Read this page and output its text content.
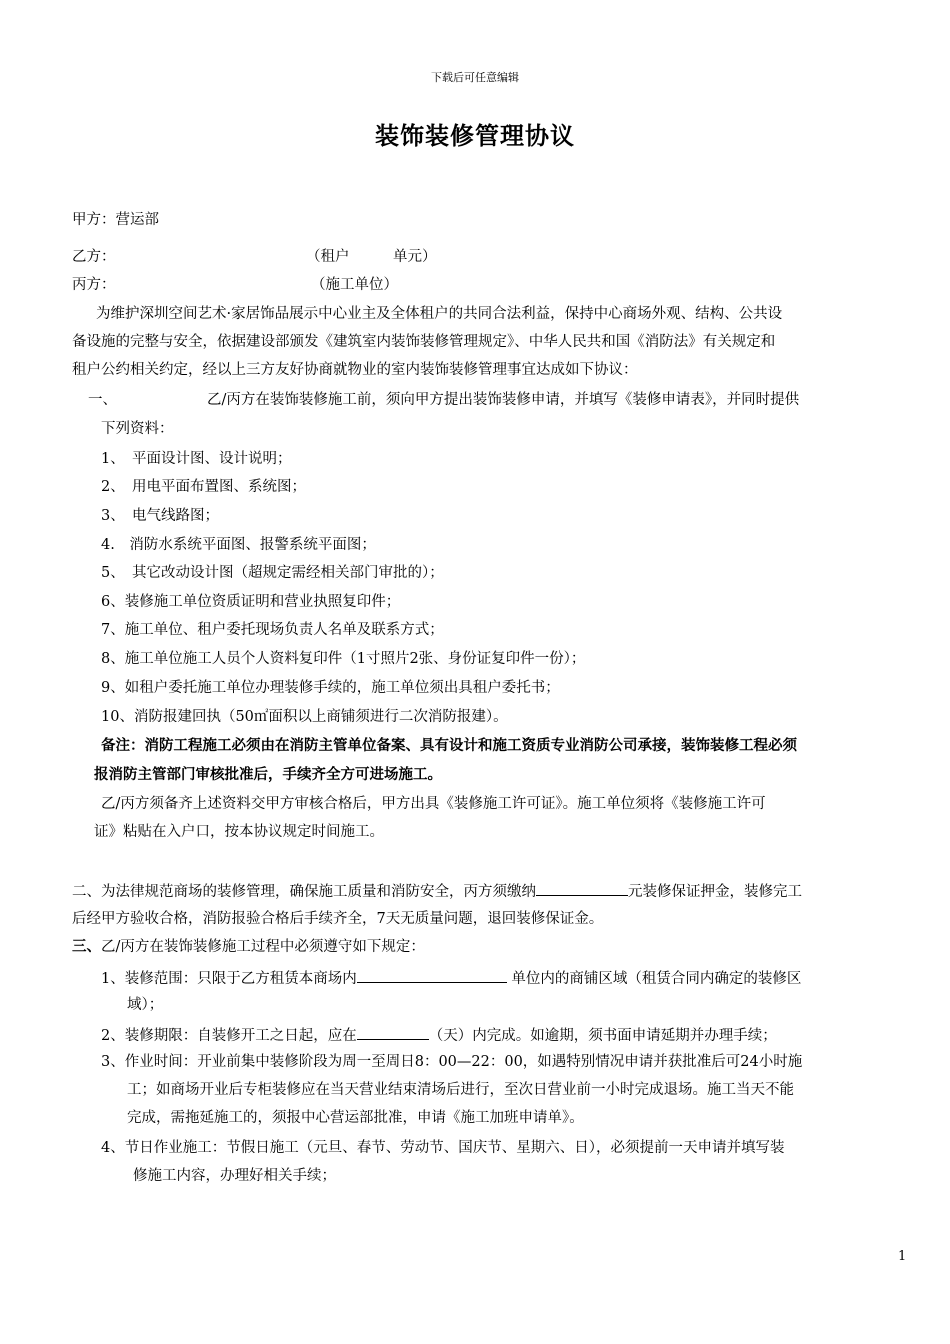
下载后可任意编辑
装饰装修管理协议
甲方：营运部
乙方：	（租户　　　单元）
丙方：	（施工单位）
为维护深圳空间艺术·家居饰品展示中心业主及全体租户的共同合法利益，保持中心商场外观、结构、公共设
备设施的完整与安全，依据建设部颁发《建筑室内装饰装修管理规定》、中华人民共和国《消防法》有关规定和
租户公约相关约定，经以上三方友好协商就物业的室内装饰装修管理事宜达成如下协议：
一、	乙/丙方在装饰装修施工前，须向甲方提出装饰装修申请，并填写《装修申请表》，并同时提供
下列资料：
1、　平面设计图、设计说明；
2、　用电平面布置图、系统图；
3、　电气线路图；
4.　消防水系统平面图、报警系统平面图；
5、　其它改动设计图（超规定需经相关部门审批的）；
6、装修施工单位资质证明和营业执照复印件；
7、施工单位、租户委托现场负责人名单及联系方式；
8、施工单位施工人员个人资料复印件（1寸照片2张、身份证复印件一份）；
9、如租户委托施工单位办理装修手续的，施工单位须出具租户委托书；
10、消防报建回执（50㎡面积以上商铺须进行二次消防报建）。
备注：消防工程施工必须由在消防主管单位备案、具有设计和施工资质专业消防公司承接，装饰装修工程必须
报消防主管部门审核批准后，手续齐全方可进场施工。
乙/丙方须备齐上述资料交甲方审核合格后，甲方出具《装修施工许可证》。施工单位须将《装修施工许可
证》粘贴在入户口，按本协议规定时间施工。
二、为法律规范商场的装修管理，确保施工质量和消防安全，丙方须缴纳	元装修保证押金，装修完工
后经甲方验收合格，消防报验合格后手续齐全，7天无质量问题，退回装修保证金。
三、乙/丙方在装饰装修施工过程中必须遵守如下规定：
1、装修范围：只限于乙方租赁本商场内	单位内的商铺区域（租赁合同内确定的装修区
域）；
2、装修期限：自装修开工之日起，应在	（天）内完成。如逾期，须书面申请延期并办理手续；
3、作业时间：开业前集中装修阶段为周一至周日8：00—22：00，如遇特别情况申请并获批准后可24小时施
工；如商场开业后专柜装修应在当天营业结束清场后进行，至次日营业前一小时完成退场。施工当天不能
完成，需拖延施工的，须报中心营运部批准，申请《施工加班申请单》。
4、节日作业施工：节假日施工（元旦、春节、劳动节、国庆节、星期六、日），必须提前一天申请并填写装
修施工内容，办理好相关手续；
1
